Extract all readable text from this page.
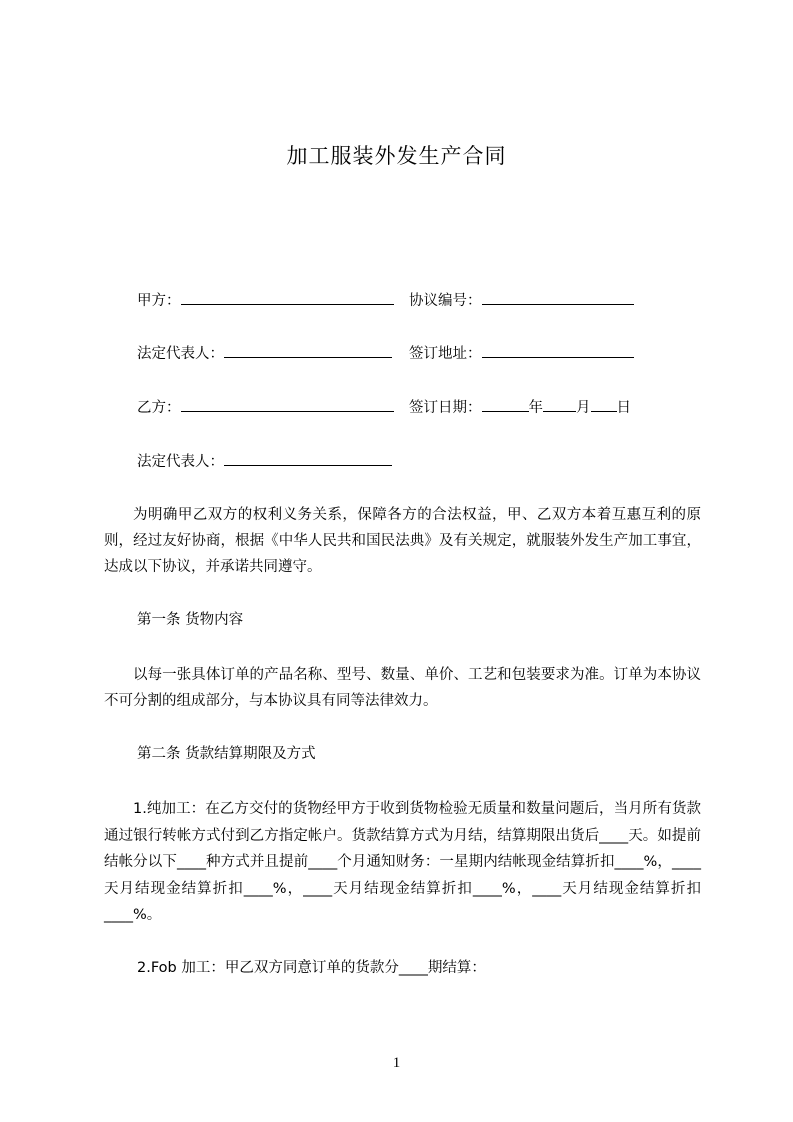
加工服装外发生产合同
甲方：	协议编号：
法定代表人：	签订地址：
乙方：	签订日期：	年 月 日
法定代表人：
为明确甲乙双方的权利义务关系，保障各方的合法权益，甲、乙双方本着互惠互利的原则，经过友好协商，根据《中华人民共和国民法典》及有关规定，就服装外发生产加工事宜，达成以下协议，并承诺共同遵守。
第一条 货物内容
以每一张具体订单的产品名称、型号、数量、单价、工艺和包装要求为准。订单为本协议不可分割的组成部分，与本协议具有同等法律效力。
第二条 货款结算期限及方式
1.纯加工：在乙方交付的货物经甲方于收到货物检验无质量和数量问题后，当月所有货款通过银行转帐方式付到乙方指定帐户。货款结算方式为月结，结算期限出货后____天。如提前结帐分以下____种方式并且提前____个月通知财务：一星期内结帐现金结算折扣____%，____天月结现金结算折扣____%，____天月结现金结算折扣____%，____天月结现金结算折扣____%。
2.Fob 加工：甲乙双方同意订单的货款分____期结算：
1
